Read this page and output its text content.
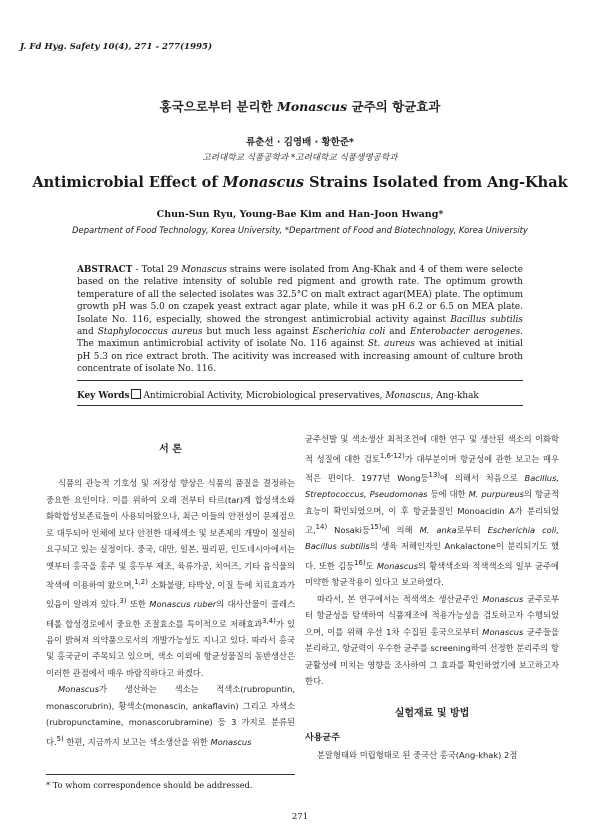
J. Fd Hyg. Safety 10(4), 271 - 277(1995)
홍국으로부터 분리한 Monascus 균주의 항균효과
류춘선 · 김영배 · 황한준*
고려대학교 식품공학과 *고려대학교 식품생명공학과
Antimicrobial Effect of Monascus Strains Isolated from Ang-Khak
Chun-Sun Ryu, Young-Bae Kim and Han-Joon Hwang*
Department of Food Technology, Korea University, *Department of Food and Biotechnology, Korea University
ABSTRACT - Total 29 Monascus strains were isolated from Ang-Khak and 4 of them were selecte based on the relative intensity of soluble red pigment and growth rate. The optimum growth temperature of all the selected isolates was 32.5°C on malt extract agar(MEA) plate. The optimum growth pH was 5.0 on czapek yeast extract agar plate, while it was pH 6.2 or 6.5 on MEA plate. Isolate No. 116, especially, showed the strongest antimicrobial activity against Bacillus subtilis and Staphylococcus aureus but much less against Escherichia coli and Enterobacter aerogenes. The maximun antimicrobial activity of isolate No. 116 against St. aureus was achieved at initial pH 5.3 on rice extract broth. The acitivity was increased with increasing amount of culture broth concentrate of isolate No. 116.
Key Words Antimicrobial Activity, Microbiological preservatives, Monascus, Ang-khak
서 론

식품의 관능적 기호성 및 저장성 향상은 식품의 품질을 결정하는 중요한 요인이다. 이를 위하여 오래 전부터 타르(tar)계 합성색소와 화학합성보존료들이 사용되어왔으나, 최근 이들의 안전성이 문제점으로 대두되어 인체에 보다 안전한 대체색소 및 보존제의 개발이 절실히 요구되고 있는 실정이다. 중국, 대만, 일본, 필리핀, 인도네시아에서는 옛부터 홍국을 홍주 및 홍두부 제조, 육류가공, 치어즈, 기타 음식물의 착색에 이용하여 왔으며,$^{1,2)}$ 소화불량, 타박상, 이질 등에 치료효과가 있음이 알려져 있다.$^{3)}$ 또한 Monascus ruber의 대사산물이 콜레스테롤 합성경로에서 중요한 조절효소를 특이적으로 저해효과$^{3,4)}$가 있음이 밝혀져 의약품으로서의 개발가능성도 지니고 있다. 따라서 홍국 및 홍국균이 주목되고 있으며, 색소 이외에 항균성물질의 동반생산은 이러한 관점에서 매우 바람직하다고 하겠다.

Monascus가 생산하는 색소는 적색소(rubropuntin, monascorubrin), 황색소(monascin, ankaflavin) 그리고 자색소(rubropunctamine, monascorubramine) 등 3 가지로 분류된다.$^{5)}$ 한편, 지금까지 보고는 색소생산을 위한 Monascus

* To whom correspondence should be addressed.

균주선발 및 색소생산 최적조건에 대한 연구 및 생산된 색소의 이화학적 성질에 대한 검토$^{1,6-12)}$가 대부분이며 항균성에 관한 보고는 매우 적은 편이다. 1977년 Wong등$^{13)}$에 의해서 처음으로 Bacillus, Streptococcus, Pseudomonas 등에 대한 M. purpureus의 항균적 효능이 확인되었으며, 이 후 항균물질인 Monoacidin A가 분리되었고,$^{14)}$ Nosaki등$^{15)}$에 의해 M. anka로부터 Escherichia coli, Bacillus subtilis의 생육 저해인자인 Ankalactone이 분리되기도 했다. 또한 김등$^{16)}$도 Monascus의 황색색소와 적색색소의 일부 균주에 미약한 항균작용이 있다고 보고하였다.

따라서, 본 연구에서는 적색색소 생산균주인 Monascus 균주로부터 항균성을 탐색하여 식품제조에 적용가능성을 검토하고자 수행되었으며, 이를 위해 우선 1차 수집된 홍국으로부터 Monascus 균주들을 분리하고, 항균력이 우수한 균주를 screening하여 선정한 분리주의 항균활성에 미치는 영향을 조사하여 그 효과를 확인하였기에 보고하고자 한다.

실험재료 및 방법
사용균주

분말형태와 미립형태로 된 중국산 홍국(Ang-khak) 2점

271
